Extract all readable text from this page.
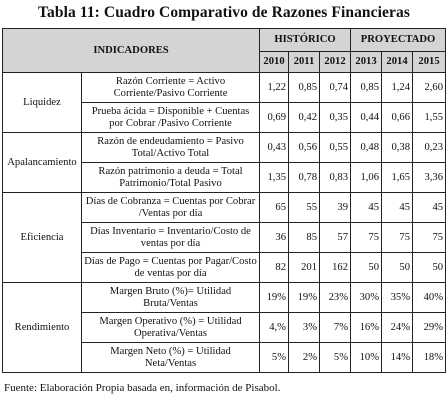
Tabla 11: Cuadro Comparativo de Razones Financieras
INDICADORES		HISTÓRICO			PROYECTADO		
		2010	2011	2012	2013	2014	2015
Liquidez	Razón Corriente = Activo Corriente/Pasivo Corriente	1,22	0,85	0,74	0,85	1,24	2,60
	Prueba ácida = Disponible + Cuentas por Cobrar /Pasivo Corriente	0,69	0,42	0,35	0,44	0,66	1,55
Apalancamiento	Razón de endeudamiento = Pasivo Total/Activo Total	0,43	0,56	0,55	0,48	0,38	0,23
	Razón patrimonio a deuda = Total Patrimonio/Total Pasivo	1,35	0,78	0,83	1,06	1,65	3,36
Eficiencia	Días de Cobranza = Cuentas por Cobrar /Ventas por día	65	55	39	45	45	45
	Días Inventario = Inventario/Costo de ventas por día	36	85	57	75	75	75
	Días de Pago = Cuentas por Pagar/Costo de ventas por día	82	201	162	50	50	50
Rendimiento	Margen Bruto (%)= Utilidad Bruta/Ventas	19%	19%	23%	30%	35%	40%
	Margen Operativo (%) = Utilidad Operativa/Ventas	4,%	3%	7%	16%	24%	29%
	Margen Neto (%) = Utilidad Neta/Ventas	5%	2%	5%	10%	14%	18%
Fuente: Elaboración Propia basada en, información de Pisabol.
